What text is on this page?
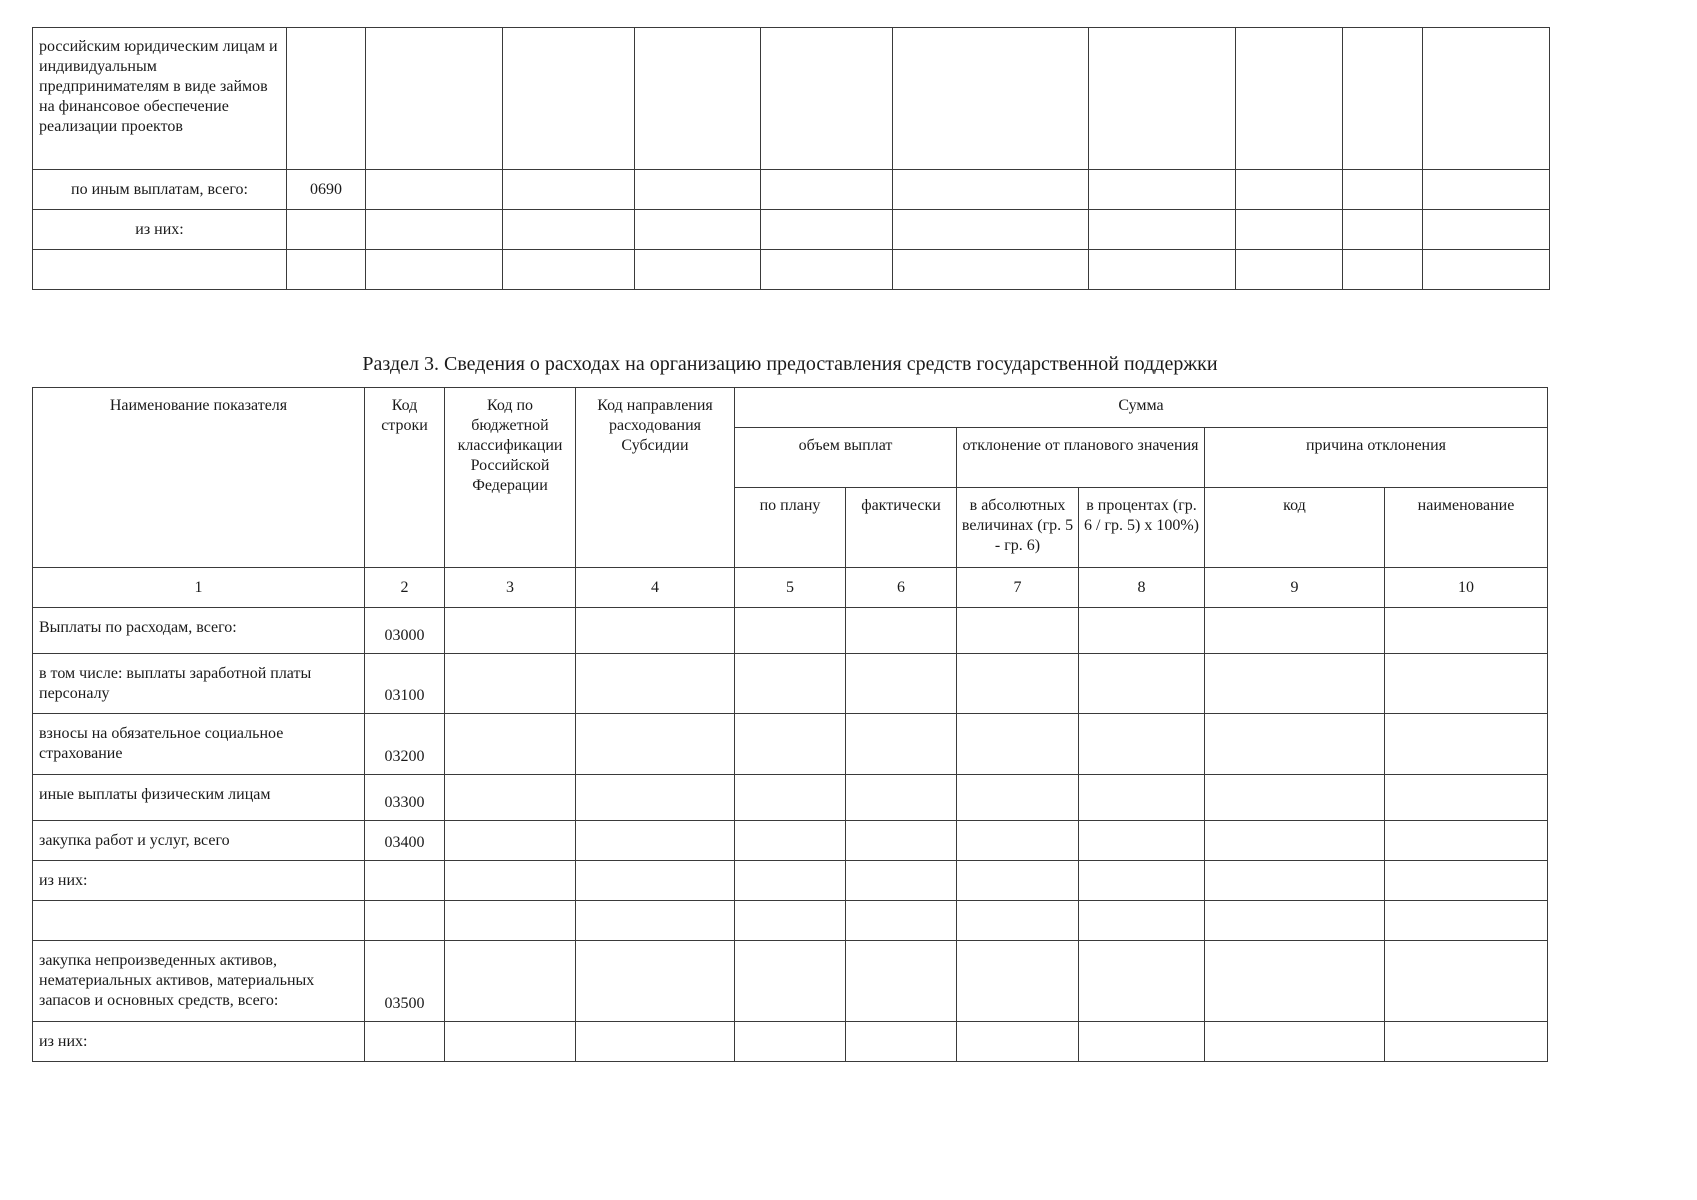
российским юридическим лицам и индивидуальным предпринимателям в виде займов на финансовое обеспечение реализации проектов										
по иным выплатам, всего:	0690									
из них:										

Раздел 3. Сведения о расходах на организацию предоставления средств государственной поддержки
Наименование показателя	Код строки	Код по бюджетной классификации Российской Федерации	Код направления расходования Субсидии	Сумма					
				объем выплат		отклонение от планового значения		причина отклонения	
				по плану	фактически	в абсолютных величинах (гр. 5 - гр. 6)	в процентах (гр. 6 / гр. 5) x 100%)	код	наименование
1	2	3	4	5	6	7	8	9	10
Выплаты по расходам, всего:	03000								
в том числе: выплаты заработной платы персоналу	03100								
взносы на обязательное социальное страхование	03200								
иные выплаты физическим лицам	03300								
закупка работ и услуг, всего	03400								
из них:									

закупка непроизведенных активов, нематериальных активов, материальных запасов и основных средств, всего:	03500								
из них:									
